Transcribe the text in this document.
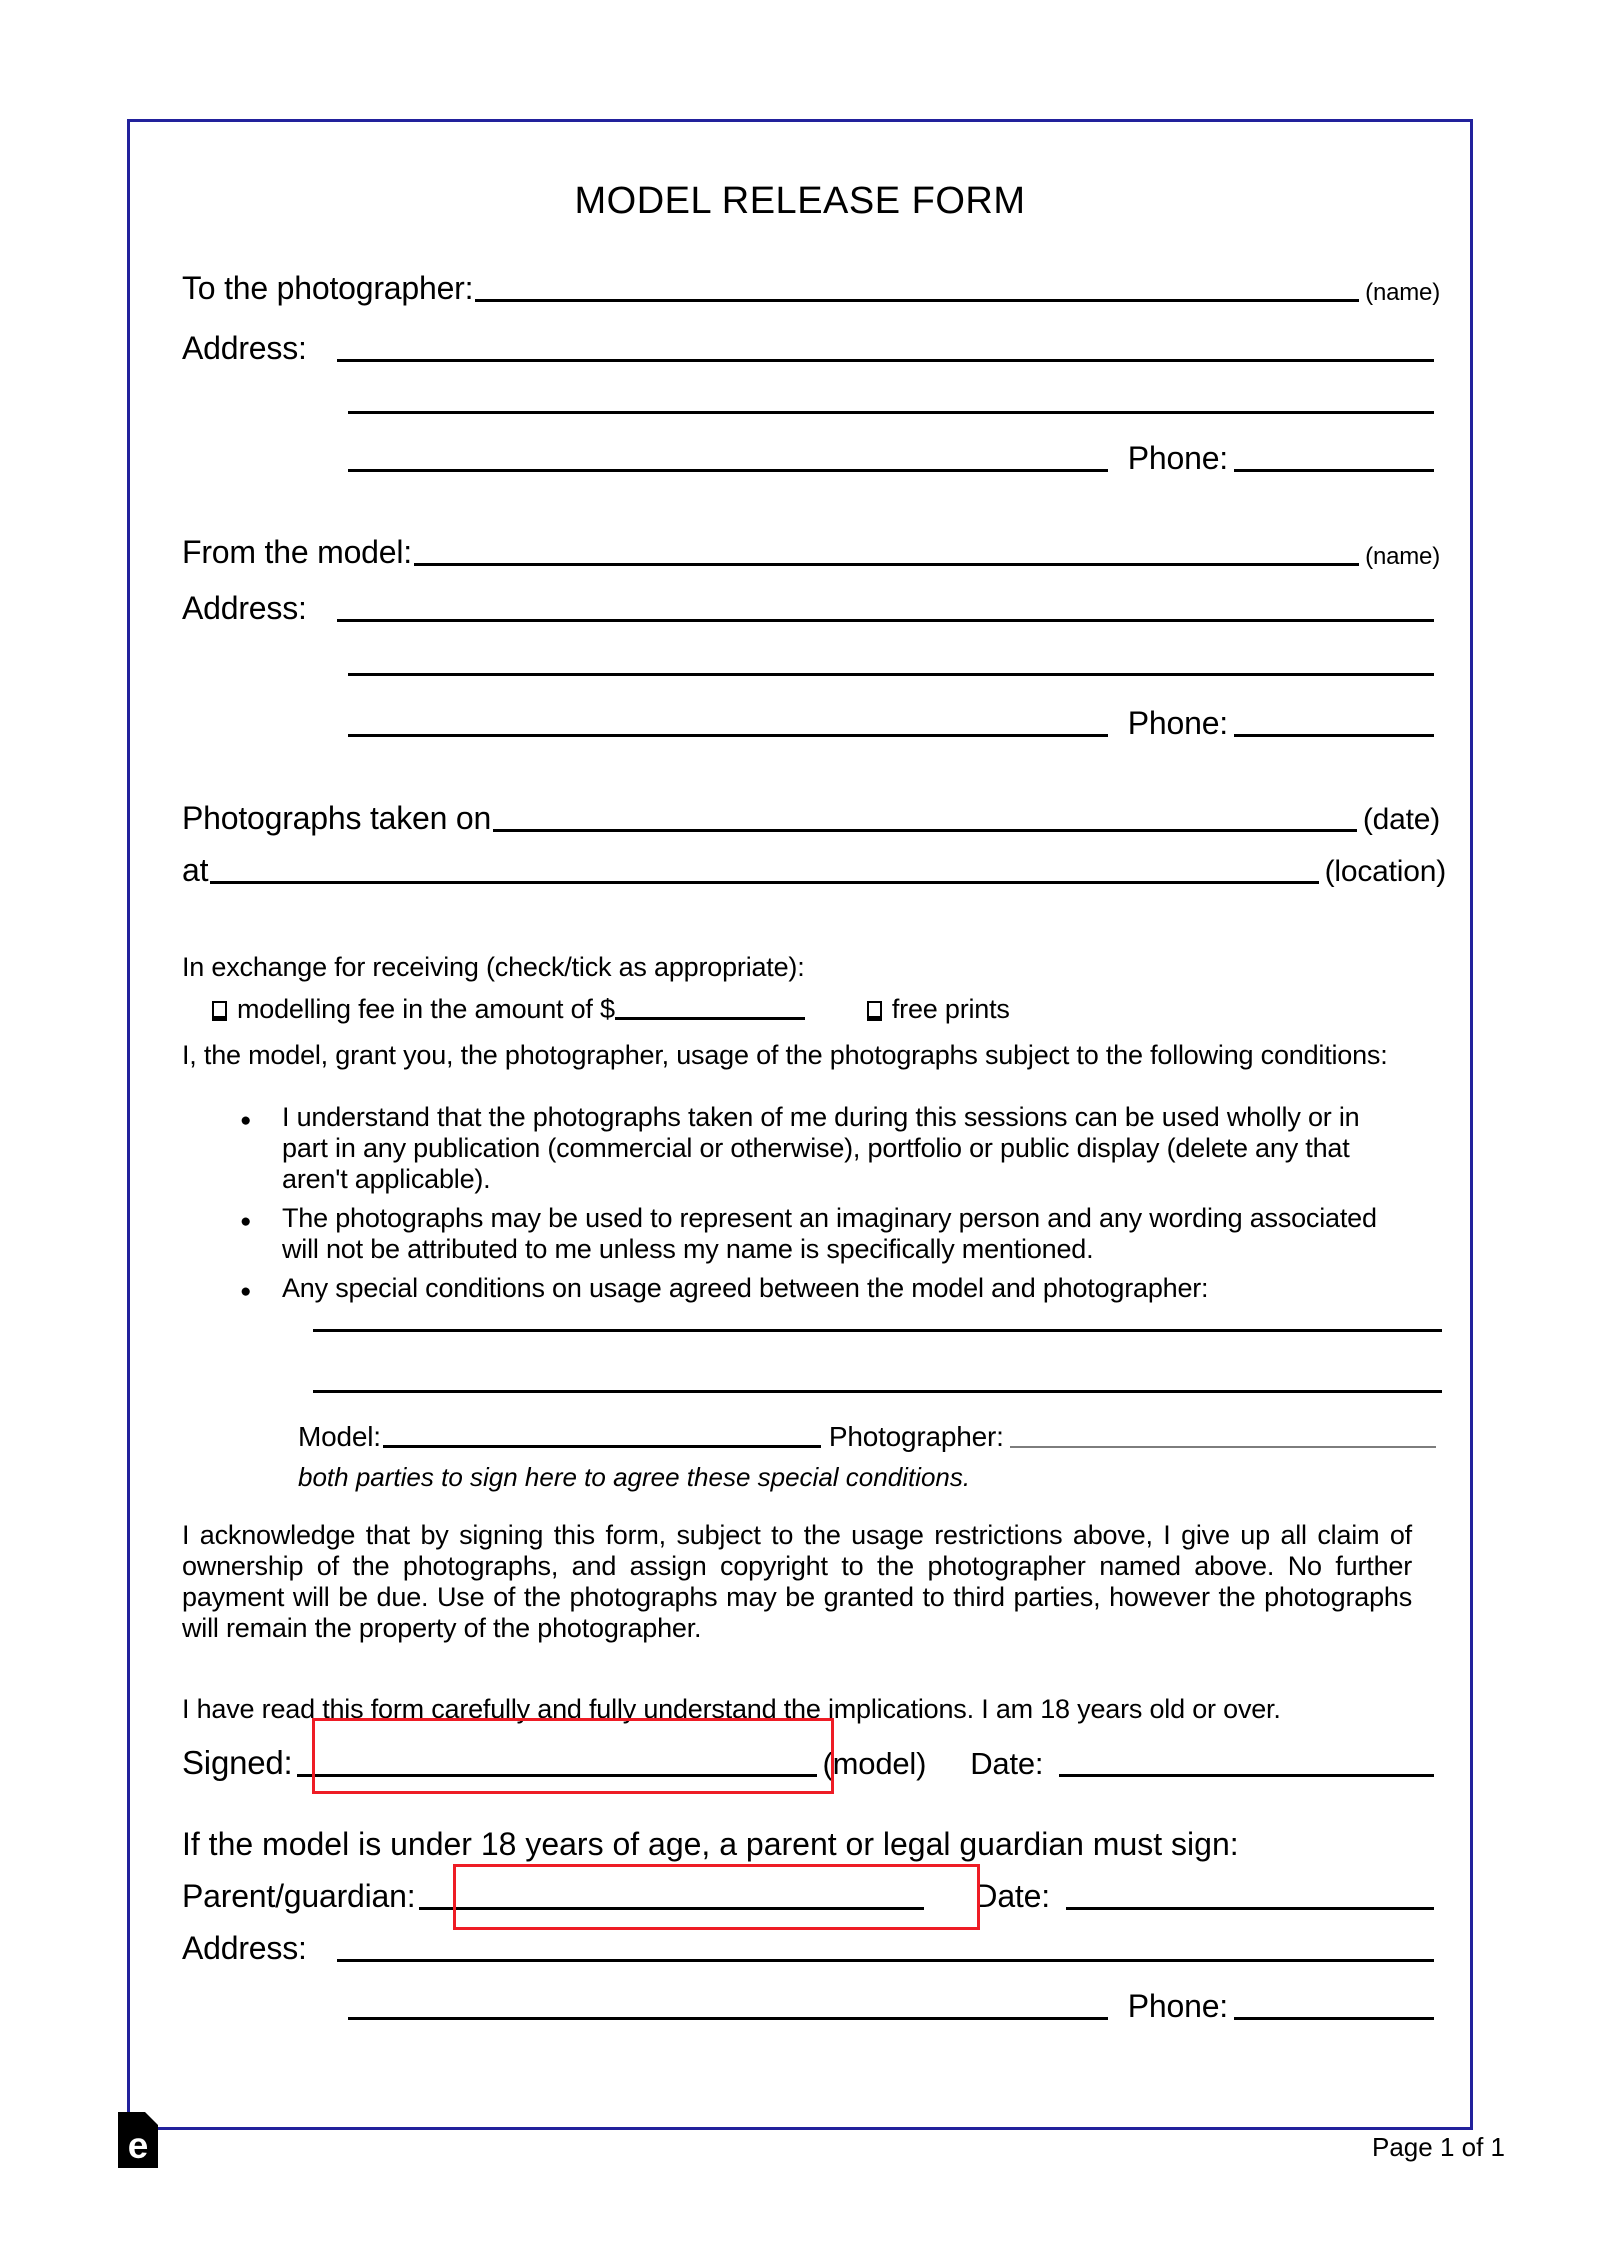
MODEL RELEASE FORM
To the photographer:	(name)
Address:
Phone:
From the model:	(name)
Address:
Phone:
Photographs taken on	(date)
at	(location)
In exchange for receiving (check/tick as appropriate):
modelling fee in the amount of $	free prints
I, the model, grant you, the photographer, usage of the photographs subject to the following conditions:
● I understand that the photographs taken of me during this sessions can be used wholly or in part in any publication (commercial or otherwise), portfolio or public display (delete any that aren't applicable).
● The photographs may be used to represent an imaginary person and any wording associated will not be attributed to me unless my name is specifically mentioned.
● Any special conditions on usage agreed between the model and photographer:
Model:	Photographer:
both parties to sign here to agree these special conditions.
I acknowledge that by signing this form, subject to the usage restrictions above, I give up all claim of ownership of the photographs, and assign copyright to the photographer named above. No further payment will be due. Use of the photographs may be granted to third parties, however the photographs will remain the property of the photographer.
I have read this form carefully and fully understand the implications. I am 18 years old or over.
Signed:	(model) Date:
If the model is under 18 years of age, a parent or legal guardian must sign:
Parent/guardian:	Date:
Address:
Phone:
e	Page 1 of 1
